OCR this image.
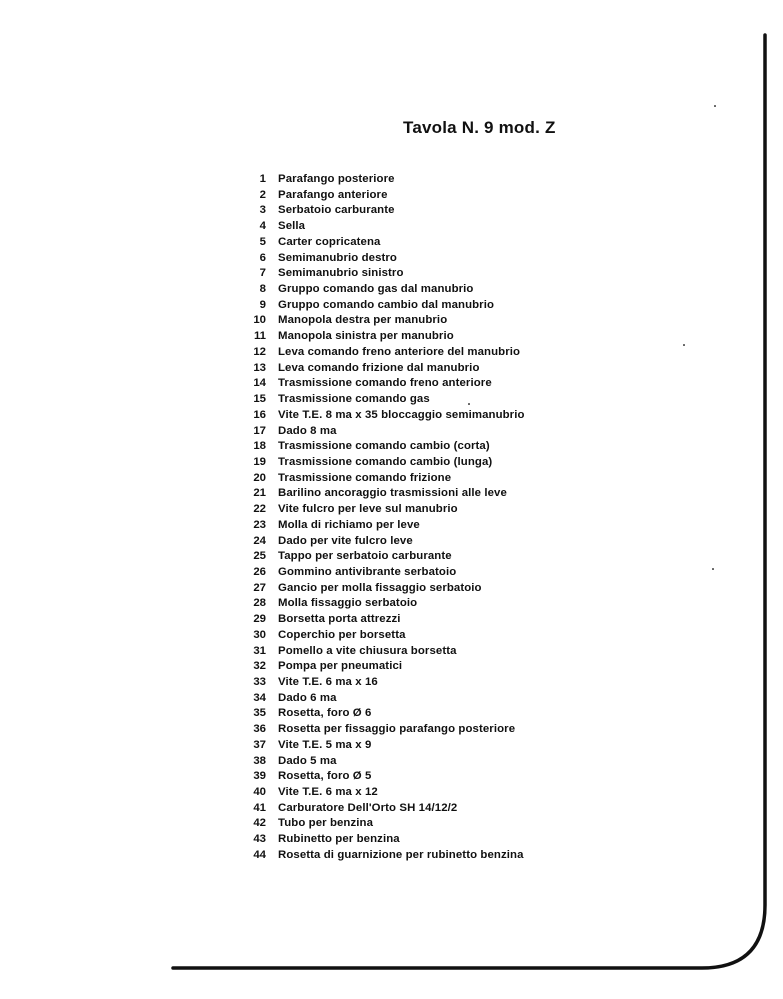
Tavola N. 9 mod. Z
1 Parafango posteriore
2 Parafango anteriore
3 Serbatoio carburante
4 Sella
5 Carter copricatena
6 Semimanubrio destro
7 Semimanubrio sinistro
8 Gruppo comando gas dal manubrio
9 Gruppo comando cambio dal manubrio
10 Manopola destra per manubrio
11 Manopola sinistra per manubrio
12 Leva comando freno anteriore del manubrio
13 Leva comando frizione dal manubrio
14 Trasmissione comando freno anteriore
15 Trasmissione comando gas
16 Vite T.E. 8 ma x 35 bloccaggio semimanubrio
17 Dado 8 ma
18 Trasmissione comando cambio (corta)
19 Trasmissione comando cambio (lunga)
20 Trasmissione comando frizione
21 Barilino ancoraggio trasmissioni alle leve
22 Vite fulcro per leve sul manubrio
23 Molla di richiamo per leve
24 Dado per vite fulcro leve
25 Tappo per serbatoio carburante
26 Gommino antivibrante serbatoio
27 Gancio per molla fissaggio serbatoio
28 Molla fissaggio serbatoio
29 Borsetta porta attrezzi
30 Coperchio per borsetta
31 Pomello a vite chiusura borsetta
32 Pompa per pneumatici
33 Vite T.E. 6 ma x 16
34 Dado 6 ma
35 Rosetta, foro Ø 6
36 Rosetta per fissaggio parafango posteriore
37 Vite T.E. 5 ma x 9
38 Dado 5 ma
39 Rosetta, foro Ø 5
40 Vite T.E. 6 ma x 12
41 Carburatore Dell'Orto SH 14/12/2
42 Tubo per benzina
43 Rubinetto per benzina
44 Rosetta di guarnizione per rubinetto benzina
